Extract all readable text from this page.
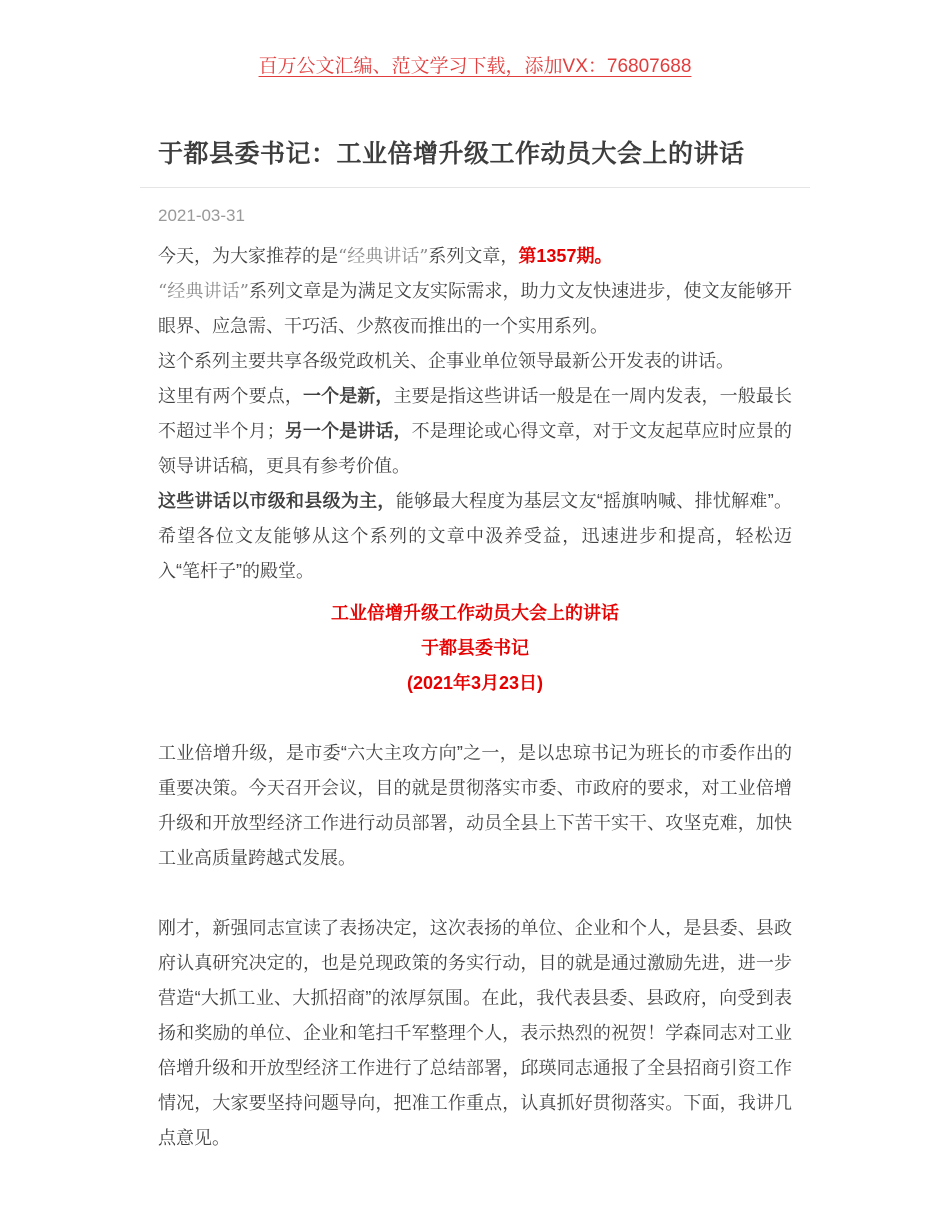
百万公文汇编、范文学习下载，添加VX：76807688
于都县委书记：工业倍增升级工作动员大会上的讲话
2021-03-31

今天，为大家推荐的是“经典讲话”系列文章，第1357期。

“经典讲话”系列文章是为满足文友实际需求，助力文友快速进步，使文友能够开眼界、应急需、干巧活、少熬夜而推出的一个实用系列。

这个系列主要共享各级党政机关、企事业单位领导最新公开发表的讲话。

这里有两个要点，一个是新，主要是指这些讲话一般是在一周内发表，一般最长不超过半个月；另一个是讲话，不是理论或心得文章，对于文友起草应时应景的领导讲话稿，更具有参考价值。

这些讲话以市级和县级为主，能够最大程度为基层文友“摇旗呐喊、排忧解难”。希望各位文友能够从这个系列的文章中汲养受益，迅速进步和提高，轻松迈入“笔杆子”的殿堂。

工业倍增升级工作动员大会上的讲话

于都县委书记

(2021年3月23日)

工业倍增升级，是市委“六大主攻方向”之一，是以忠琼书记为班长的市委作出的重要决策。今天召开会议，目的就是贯彻落实市委、市政府的要求，对工业倍增升级和开放型经济工作进行动员部署，动员全县上下苦干实干、攻坚克难，加快工业高质量跨越式发展。

刚才，新强同志宣读了表扬决定，这次表扬的单位、企业和个人，是县委、县政府认真研究决定的，也是兑现政策的务实行动，目的就是通过激励先进，进一步营造“大抓工业、大抓招商”的浓厚氛围。在此，我代表县委、县政府，向受到表扬和奖励的单位、企业和笔扫千军整理个人，表示热烈的祝贺！学森同志对工业倍增升级和开放型经济工作进行了总结部署，邱瑛同志通报了全县招商引资工作情况，大家要坚持问题导向，把准工作重点，认真抓好贯彻落实。下面，我讲几点意见。
